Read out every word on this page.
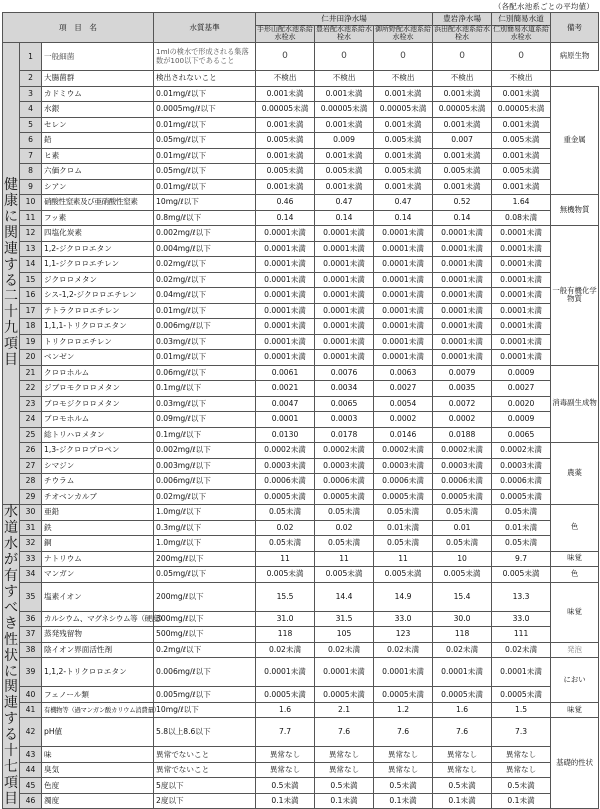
（各配水池系ごとの平均値）
項　目　名			水質基準	仁井田浄水場			豊岩浄水場	仁別簡易水道	備考
				手形山配水池系給水栓水	豊岩配水池系給水栓水	御所野配水池系給水栓水	浜田配水池系給水栓水	仁別簡易水道系給水栓水	
健康に関連する二十九項目	1	一般細菌	1mlの検水で形成される集落数が100以下であること	0	0	0	0	0	病原生物
	2	大腸菌群	検出されないこと	不検出	不検出	不検出	不検出	不検出	
	3	カドミウム	0.01mg/ℓ以下	0.001未満	0.001未満	0.001未満	0.001未満	0.001未満	重金属
	4	水銀	0.0005mg/ℓ以下	0.00005未満	0.00005未満	0.00005未満	0.00005未満	0.00005未満	
	5	セレン	0.01mg/ℓ以下	0.001未満	0.001未満	0.001未満	0.001未満	0.001未満	
	6	鉛	0.05mg/ℓ以下	0.005未満	0.009	0.005未満	0.007	0.005未満	
	7	ヒ素	0.01mg/ℓ以下	0.001未満	0.001未満	0.001未満	0.001未満	0.001未満	
	8	六価クロム	0.05mg/ℓ以下	0.005未満	0.005未満	0.005未満	0.005未満	0.005未満	
	9	シアン	0.01mg/ℓ以下	0.001未満	0.001未満	0.001未満	0.001未満	0.001未満	
	10	硝酸性窒素及び亜硝酸性窒素	10mg/ℓ以下	0.46	0.47	0.47	0.52	1.64	無機物質
	11	フッ素	0.8mg/ℓ以下	0.14	0.14	0.14	0.14	0.08未満	
	12	四塩化炭素	0.002mg/ℓ以下	0.0001未満	0.0001未満	0.0001未満	0.0001未満	0.0001未満	一般有機化学物質
	13	1,2-ジクロロエタン	0.004mg/ℓ以下	0.0001未満	0.0001未満	0.0001未満	0.0001未満	0.0001未満	
	14	1,1-ジクロロエチレン	0.02mg/ℓ以下	0.0001未満	0.0001未満	0.0001未満	0.0001未満	0.0001未満	
	15	ジクロロメタン	0.02mg/ℓ以下	0.0001未満	0.0001未満	0.0001未満	0.0001未満	0.0001未満	
	16	シス-1,2-ジクロロエチレン	0.04mg/ℓ以下	0.0001未満	0.0001未満	0.0001未満	0.0001未満	0.0001未満	
	17	テトラクロロエチレン	0.01mg/ℓ以下	0.0001未満	0.0001未満	0.0001未満	0.0001未満	0.0001未満	
	18	1,1,1-トリクロロエタン	0.006mg/ℓ以下	0.0001未満	0.0001未満	0.0001未満	0.0001未満	0.0001未満	
	19	トリクロロエチレン	0.03mg/ℓ以下	0.0001未満	0.0001未満	0.0001未満	0.0001未満	0.0001未満	
	20	ベンゼン	0.01mg/ℓ以下	0.0001未満	0.0001未満	0.0001未満	0.0001未満	0.0001未満	
	21	クロロホルム	0.06mg/ℓ以下	0.0061	0.0076	0.0063	0.0079	0.0009	消毒副生成物
	22	ジブロモクロロメタン	0.1mg/ℓ以下	0.0021	0.0034	0.0027	0.0035	0.0027	
	23	ブロモジクロロメタン	0.03mg/ℓ以下	0.0047	0.0065	0.0054	0.0072	0.0020	
	24	ブロモホルム	0.09mg/ℓ以下	0.0001	0.0003	0.0002	0.0002	0.0009	
	25	総トリハロメタン	0.1mg/ℓ以下	0.0130	0.0178	0.0146	0.0188	0.0065	
	26	1,3-ジクロロプロペン	0.002mg/ℓ以下	0.0002未満	0.0002未満	0.0002未満	0.0002未満	0.0002未満	農薬
	27	シマジン	0.003mg/ℓ以下	0.0003未満	0.0003未満	0.0003未満	0.0003未満	0.0003未満	
	28	チウラム	0.006mg/ℓ以下	0.0006未満	0.0006未満	0.0006未満	0.0006未満	0.0006未満	
	29	チオベンカルブ	0.02mg/ℓ以下	0.0005未満	0.0005未満	0.0005未満	0.0005未満	0.0005未満	
水道水が有すべき性状に関連する十七項目	30	亜鉛	1.0mg/ℓ以下	0.05未満	0.05未満	0.05未満	0.05未満	0.05未満	色
	31	鉄	0.3mg/ℓ以下	0.02	0.02	0.01未満	0.01	0.01未満	
	32	銅	1.0mg/ℓ以下	0.05未満	0.05未満	0.05未満	0.05未満	0.05未満	
	33	ナトリウム	200mg/ℓ以下	11	11	11	10	9.7	味覚
	34	マンガン	0.05mg/ℓ以下	0.005未満	0.005未満	0.005未満	0.005未満	0.005未満	色
	35	塩素イオン	200mg/ℓ以下	15.5	14.4	14.9	15.4	13.3	味覚
	36	カルシウム、マグネシウム等（硬度）	300mg/ℓ以下	31.0	31.5	33.0	30.0	33.0	
	37	蒸発残留物	500mg/ℓ以下	118	105	123	118	111	
	38	陰イオン界面活性剤	0.2mg/ℓ以下	0.02未満	0.02未満	0.02未満	0.02未満	0.02未満	発泡
	39	1,1,2-トリクロロエタン	0.006mg/ℓ以下	0.0001未満	0.0001未満	0.0001未満	0.0001未満	0.0001未満	におい
	40	フェノール類	0.005mg/ℓ以下	0.0005未満	0.0005未満	0.0005未満	0.0005未満	0.0005未満	
	41	有機物等（過マンガン酸カリウム消費量）	10mg/ℓ以下	1.6	2.1	1.2	1.6	1.5	味覚
	42	pH値	5.8以上8.6以下	7.7	7.6	7.6	7.6	7.3	基礎的性状
	43	味	異常でないこと	異常なし	異常なし	異常なし	異常なし	異常なし	
	44	臭気	異常でないこと	異常なし	異常なし	異常なし	異常なし	異常なし	
	45	色度	5度以下	0.5未満	0.5未満	0.5未満	0.5未満	0.5未満	
	46	濁度	2度以下	0.1未満	0.1未満	0.1未満	0.1未満	0.1未満	
